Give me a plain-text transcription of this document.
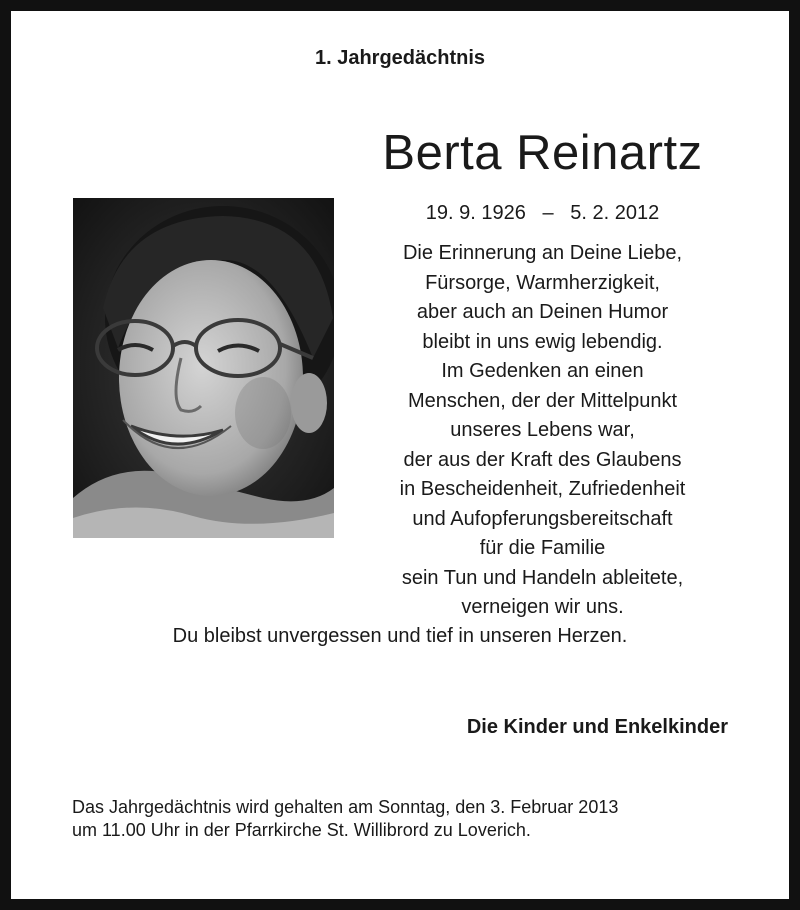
1. Jahrgedächtnis
Berta Reinartz
19. 9. 1926   –   5. 2. 2012
Die Erinnerung an Deine Liebe,
Fürsorge, Warmherzigkeit,
aber auch an Deinen Humor
bleibt in uns ewig lebendig.
Im Gedenken an einen
Menschen, der der Mittelpunkt
unseres Lebens war,
der aus der Kraft des Glaubens
in Bescheidenheit, Zufriedenheit
und Aufopferungsbereitschaft
für die Familie
sein Tun und Handeln ableitete,
verneigen wir uns.
Du bleibst unvergessen und tief in unseren Herzen.
Die Kinder und Enkelkinder
Das Jahrgedächtnis wird gehalten am Sonntag, den 3. Februar 2013
um 11.00 Uhr in der Pfarrkirche St. Willibrord zu Loverich.
